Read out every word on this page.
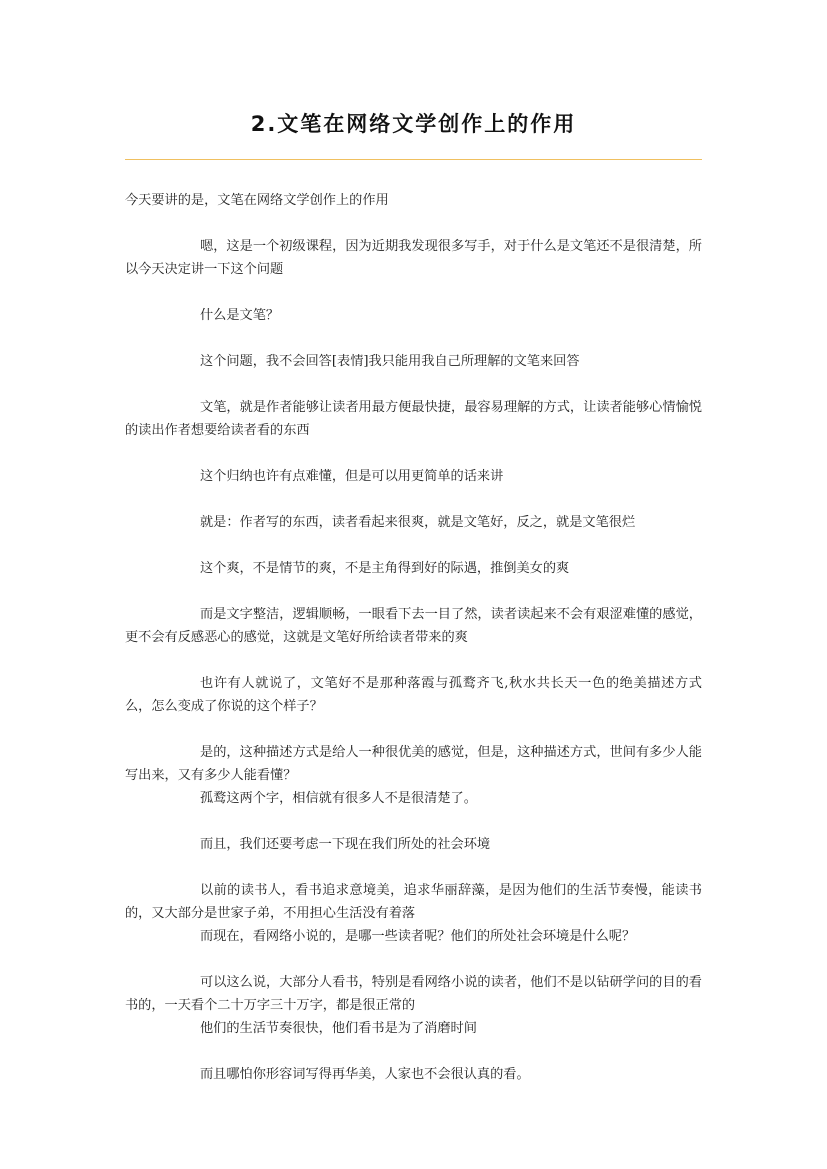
2.文笔在网络文学创作上的作用

今天要讲的是，文笔在网络文学创作上的作用

嗯，这是一个初级课程，因为近期我发现很多写手，对于什么是文笔还不是很清楚，所以今天决定讲一下这个问题

什么是文笔？

这个问题，我不会回答[表情]我只能用我自己所理解的文笔来回答

文笔，就是作者能够让读者用最方便最快捷，最容易理解的方式，让读者能够心情愉悦的读出作者想要给读者看的东西

这个归纳也许有点难懂，但是可以用更简单的话来讲

就是：作者写的东西，读者看起来很爽，就是文笔好，反之，就是文笔很烂

这个爽，不是情节的爽，不是主角得到好的际遇，推倒美女的爽

而是文字整洁，逻辑顺畅，一眼看下去一目了然，读者读起来不会有艰涩难懂的感觉，更不会有反感恶心的感觉，这就是文笔好所给读者带来的爽

也许有人就说了，文笔好不是那种落霞与孤鹜齐飞,秋水共长天一色的绝美描述方式么，怎么变成了你说的这个样子？

是的，这种描述方式是给人一种很优美的感觉，但是，这种描述方式，世间有多少人能写出来，又有多少人能看懂？

孤鹜这两个字，相信就有很多人不是很清楚了。

而且，我们还要考虑一下现在我们所处的社会环境

以前的读书人，看书追求意境美，追求华丽辞藻，是因为他们的生活节奏慢，能读书的，又大部分是世家子弟，不用担心生活没有着落

而现在，看网络小说的，是哪一些读者呢？他们的所处社会环境是什么呢？

可以这么说，大部分人看书，特别是看网络小说的读者，他们不是以钻研学问的目的看书的，一天看个二十万字三十万字，都是很正常的

他们的生活节奏很快，他们看书是为了消磨时间

而且哪怕你形容词写得再华美，人家也不会很认真的看。
